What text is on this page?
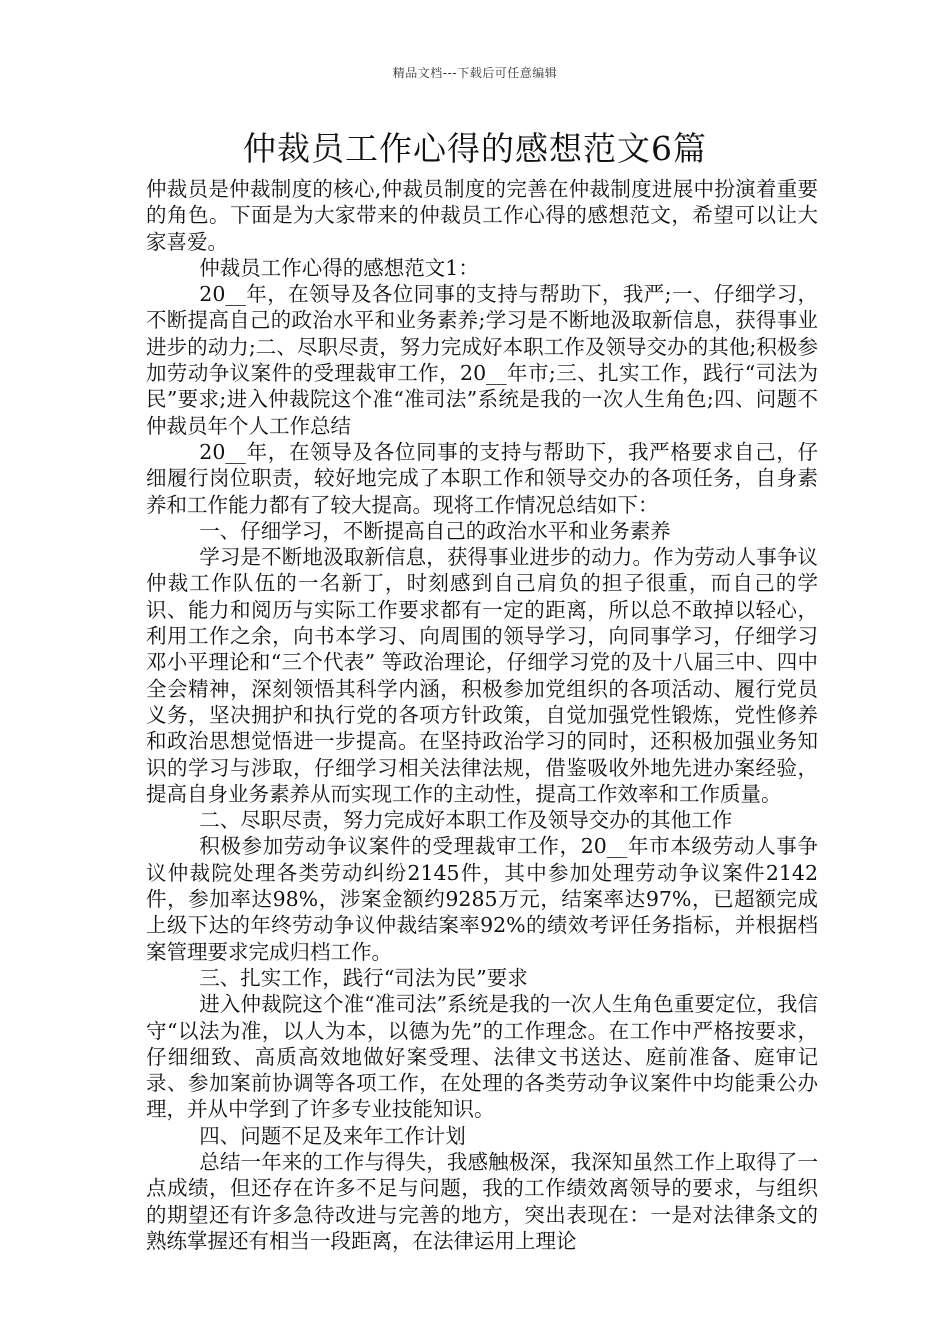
精品文档---下载后可任意编辑
仲裁员工作心得的感想范文6篇

仲裁员是仲裁制度的核心,仲裁员制度的完善在仲裁制度进展中扮演着重要的角色。下面是为大家带来的仲裁员工作心得的感想范文，希望可以让大家喜爱。

仲裁员工作心得的感想范文1：

20__年，在领导及各位同事的支持与帮助下，我严;一、仔细学习，不断提高自己的政治水平和业务素养;学习是不断地汲取新信息，获得事业进步的动力;二、尽职尽责，努力完成好本职工作及领导交办的其他;积极参加劳动争议案件的受理裁审工作，20__年市;三、扎实工作，践行“司法为民”要求;进入仲裁院这个准“准司法”系统是我的一次人生角色;四、问题不仲裁员年个人工作总结

20__年，在领导及各位同事的支持与帮助下，我严格要求自己，仔细履行岗位职责，较好地完成了本职工作和领导交办的各项任务，自身素养和工作能力都有了较大提高。现将工作情况总结如下：

一、仔细学习，不断提高自己的政治水平和业务素养

学习是不断地汲取新信息，获得事业进步的动力。作为劳动人事争议仲裁工作队伍的一名新丁，时刻感到自己肩负的担子很重，而自己的学识、能力和阅历与实际工作要求都有一定的距离，所以总不敢掉以轻心，利用工作之余，向书本学习、向周围的领导学习，向同事学习，仔细学习邓小平理论和“三个代表” 等政治理论，仔细学习党的及十八届三中、四中全会精神，深刻领悟其科学内涵，积极参加党组织的各项活动、履行党员义务，坚决拥护和执行党的各项方针政策，自觉加强党性锻炼，党性修养和政治思想觉悟进一步提高。在坚持政治学习的同时，还积极加强业务知识的学习与涉取，仔细学习相关法律法规，借鉴吸收外地先进办案经验，提高自身业务素养从而实现工作的主动性，提高工作效率和工作质量。

二、尽职尽责，努力完成好本职工作及领导交办的其他工作

积极参加劳动争议案件的受理裁审工作，20__年市本级劳动人事争议仲裁院处理各类劳动纠纷2145件，其中参加处理劳动争议案件2142件，参加率达98%，涉案金额约9285万元，结案率达97%，已超额完成上级下达的年终劳动争议仲裁结案率92%的绩效考评任务指标，并根据档案管理要求完成归档工作。

三、扎实工作，践行“司法为民”要求

进入仲裁院这个准“准司法”系统是我的一次人生角色重要定位，我信守“以法为准，以人为本，以德为先”的工作理念。在工作中严格按要求，仔细细致、高质高效地做好案受理、法律文书送达、庭前准备、庭审记录、参加案前协调等各项工作，在处理的各类劳动争议案件中均能秉公办理，并从中学到了许多专业技能知识。

四、问题不足及来年工作计划

总结一年来的工作与得失，我感触极深，我深知虽然工作上取得了一点成绩，但还存在许多不足与问题，我的工作绩效离领导的要求，与组织的期望还有许多急待改进与完善的地方，突出表现在：一是对法律条文的熟练掌握还有相当一段距离，在法律运用上理论
